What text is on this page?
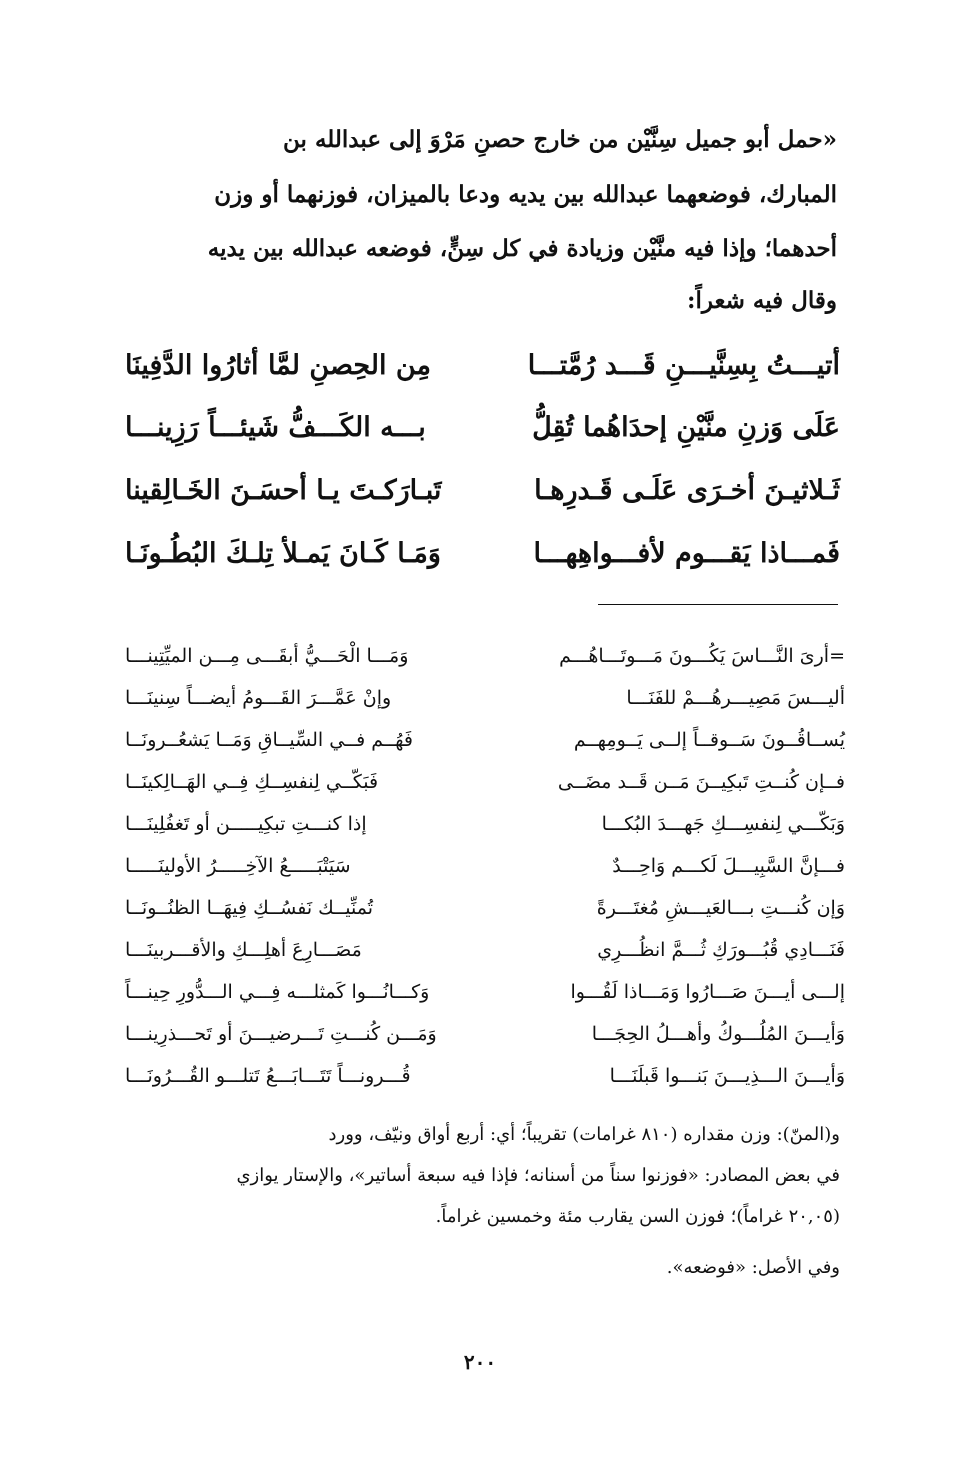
«حمل أبو جميل سِنَّيْن من خارج حصنِ مَرْوَ إلى عبدالله بن
المبارك، فوضعهما عبدالله بين يديه ودعا بالميزان، فوزنهما أو وزن
أحدهما؛ وإذا فيه منَّيْن وزيادة في كل سِنٍّ، فوضعه عبدالله بين يديه
وقال فيه شعراً:
أتيـــتُ بِسِنَّيـــنِ قَـــد رُمَّتـــا
مِن الحِصنِ لمَّا أثارُوا الدَّفِينَا
عَلَى وَزنِ منَّيْنِ إحدَاهُما تُقِلُّ
بـــه الكَـــفُّ شَيئـــاً رَزِينـــا
ثَـلاثيـنَ أخـرَى عَلَـى قَـدرِهـا
تَبـارَكـتَ يـا أحسَـنَ الخَـالِقينا
فَمـــاذا يَقـــوم لأفـــواهِهـــا
وَمَـا كَـانَ يَمـلأ تِلـكَ البُطُـونَـا
=أرىَ النَّـــاسَ يَكُـــونَ مَـــوتَـــاهُـــم
وَمَـــا الْحَـــيُّ أبقَـــى مِـــن الميِّتِينـــا
أليـــسَ مَصِيـــرهُـــمْ للفَنَـــا
وإنْ عَمَّـــرَ القَـــومُ أيضـــاً سِنينَـــا
يُســاقُــونَ سَــوقــاً إلــى يَــومِهــم
فَهُــم فــي السِّيــاقِ وَمَــا يَشعُــرونَــا
فــإن كُنــتِ تَبكِيــنَ مَــن قَــد مضَــى
فَبَكّــي لِنفسِــكِ فِــي الهَــالِكينَــا
وَبَكّـــي لِنفسِـــكِ جَهـــدَ البُكـــا
إذا كنـــتِ تبكِيـــــن أو تَغفُلِينَـــا
فـــإنَّ السَّبِيـــلَ لَكـــم وَاحِـــدٌ
سَيَتْبَـــــعُ الآخِـــــرُ الأولينَـــــا
وَإن كُنـــتِ بـــالعَيـــشِ مُغتَـــرةً
تُمنِّيــك نَفسُــكِ فِيهَــا الظنُــونَــا
فَنَـــادِي قُبُـــورَكِ ثُـــمَّ انظُـــرِي
مَصَـــارِعَ أهلِـــكِ والأقـــربينَـــا
إلـــى أيـــنَ صَـــارُوا وَمَـــاذا لَقُـــوا
وَكـــانُـــوا كَمثلـــه فِـــي الـــدُّورِ حِينـــاً
وَأيـــنَ المُلُـــوكُ وأهـــلُ الحِجَـــا
وَمَـــن كُنـــتِ تَـــرضيـــنَ أو تَحـــذرِينـــا
وَأيـــنَ الـــذِيـــنَ بَنـــوا قَبلَنَـــا
قُـــرونـــاً تَتَـــابَـــعُ تَتلـــو القُـــرُونَـــا
و(المنّ): وزن مقداره (٨١٠ غرامات) تقريباً؛ أي: أربع أواق ونيّف، وورد
في بعض المصادر: «فوزنوا سناً من أسنانه؛ فإذا فيه سبعة أساتير»، والإستار يوازي
(٢٠,٠٥ غراماً)؛ فوزن السن يقارب مئة وخمسين غراماً.
وفي الأصل: «فوضعه».
٢٠٠
